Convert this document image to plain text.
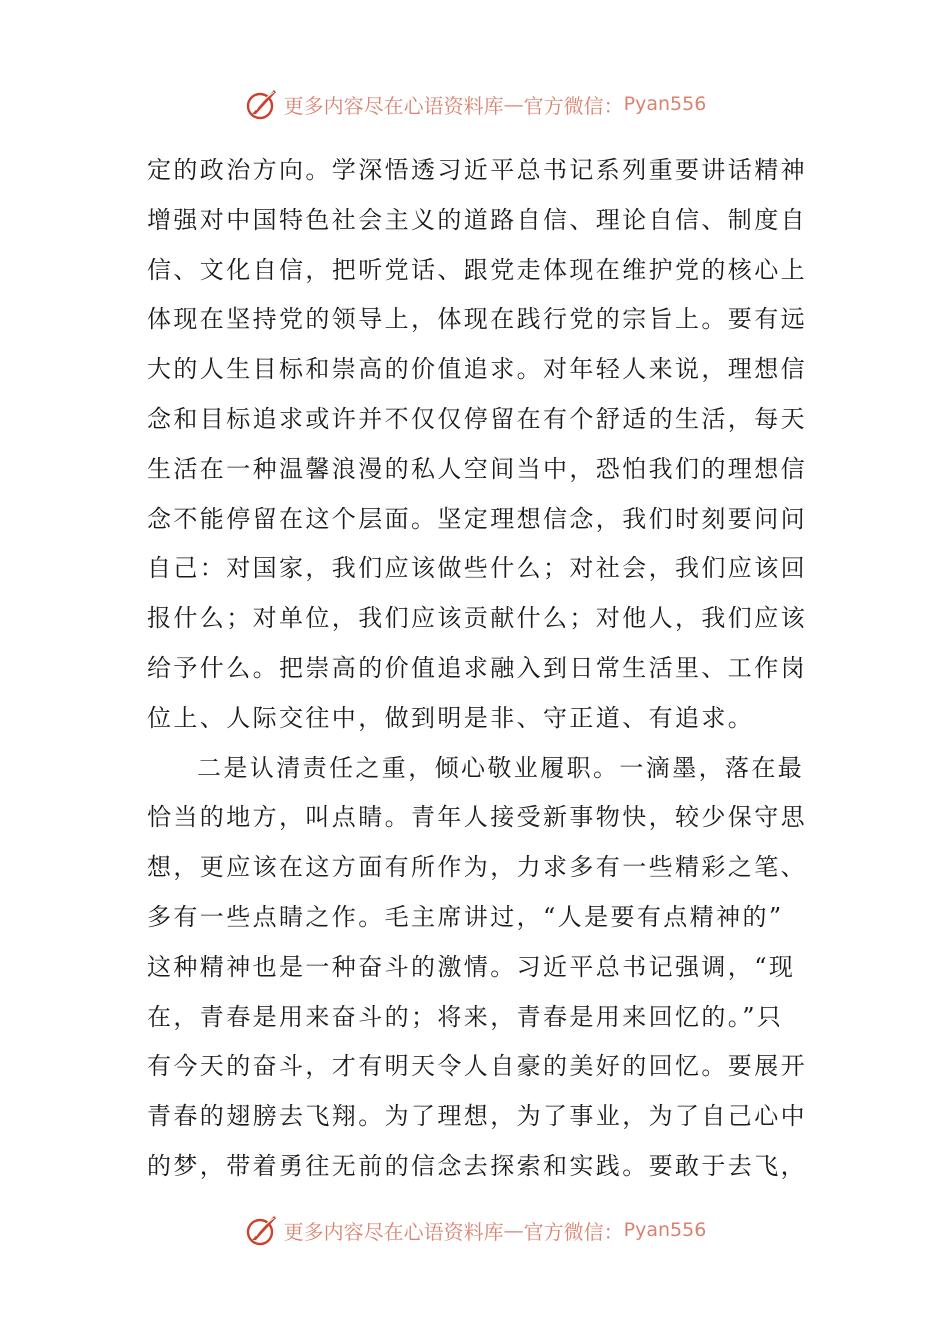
更多内容尽在心语资料库 — 官方微信： Pyan556
定的政治方向。学深悟透习近平总书记系列重要讲话精神
增强对中国特色社会主义的道路自信、理论自信、制度自
信、文化自信，把听党话、跟党走体现在维护党的核心上
体现在坚持党的领导上，体现在践行党的宗旨上。要有远
大的人生目标和崇高的价值追求。对年轻人来说，理想信
念和目标追求或许并不仅仅停留在有个舒适的生活，每天
生活在一种温馨浪漫的私人空间当中，恐怕我们的理想信
念不能停留在这个层面。坚定理想信念，我们时刻要问问
自己：对国家，我们应该做些什么；对社会，我们应该回
报什么；对单位，我们应该贡献什么；对他人，我们应该
给予什么。把崇高的价值追求融入到日常生活里、工作岗
位上、人际交往中，做到明是非、守正道、有追求。
二是认清责任之重，倾心敬业履职。一滴墨，落在最
恰当的地方，叫点睛。青年人接受新事物快，较少保守思
想，更应该在这方面有所作为，力求多有一些精彩之笔、
多有一些点睛之作。毛主席讲过，“人是要有点精神的”
这种精神也是一种奋斗的激情。习近平总书记强调，“现
在，青春是用来奋斗的；将来，青春是用来回忆的。”只
有今天的奋斗，才有明天令人自豪的美好的回忆。要展开
青春的翅膀去飞翔。为了理想，为了事业，为了自己心中
的梦，带着勇往无前的信念去探索和实践。要敢于去飞，
更多内容尽在心语资料库 — 官方微信： Pyan556
